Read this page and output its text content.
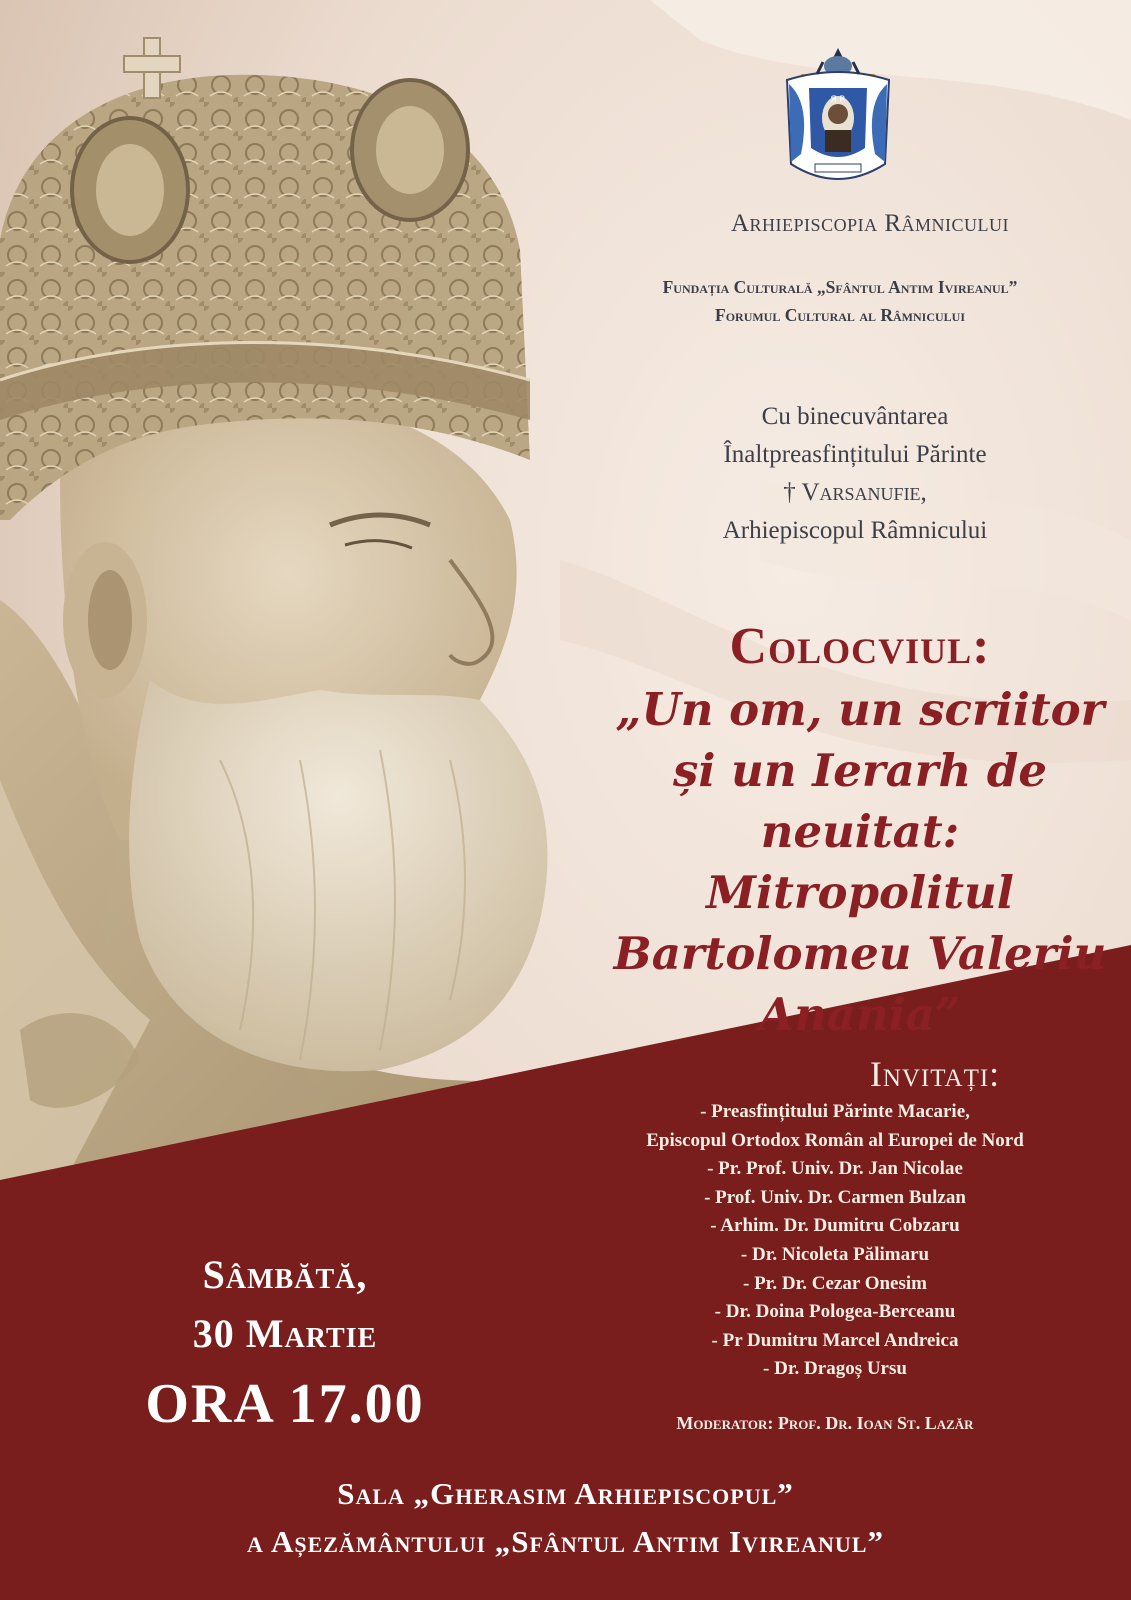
Я R
Arhiepiscopia Râmnicului
Fundația Culturală „Sfântul Antim Ivireanul”
Forumul Cultural al Râmnicului
Cu binecuvântarea
Înaltpreasfințitului Părinte
† Varsanufie,
Arhiepiscopul Râmnicului
Colocviul:
„Un om, un scriitor
și un Ierarh de
neuitat: Mitropolitul
Bartolomeu Valeriu
Anania”
Invitați:
- Preasfințitului Părinte Macarie,
Episcopul Ortodox Român al Europei de Nord
- Pr. Prof. Univ. Dr. Jan Nicolae
- Prof. Univ. Dr. Carmen Bulzan
- Arhim. Dr. Dumitru Cobzaru
- Dr. Nicoleta Pălimaru
- Pr. Dr. Cezar Onesim
- Dr. Doina Pologea-Berceanu
- Pr Dumitru Marcel Andreica
- Dr. Dragoș Ursu
Moderator: Prof. Dr. Ioan St. Lazăr
Sâmbătă,
30 Martie
ORA 17.00
Sala „Gherasim Arhiepiscopul”
a Așezământului „Sfântul Antim Ivireanul”
